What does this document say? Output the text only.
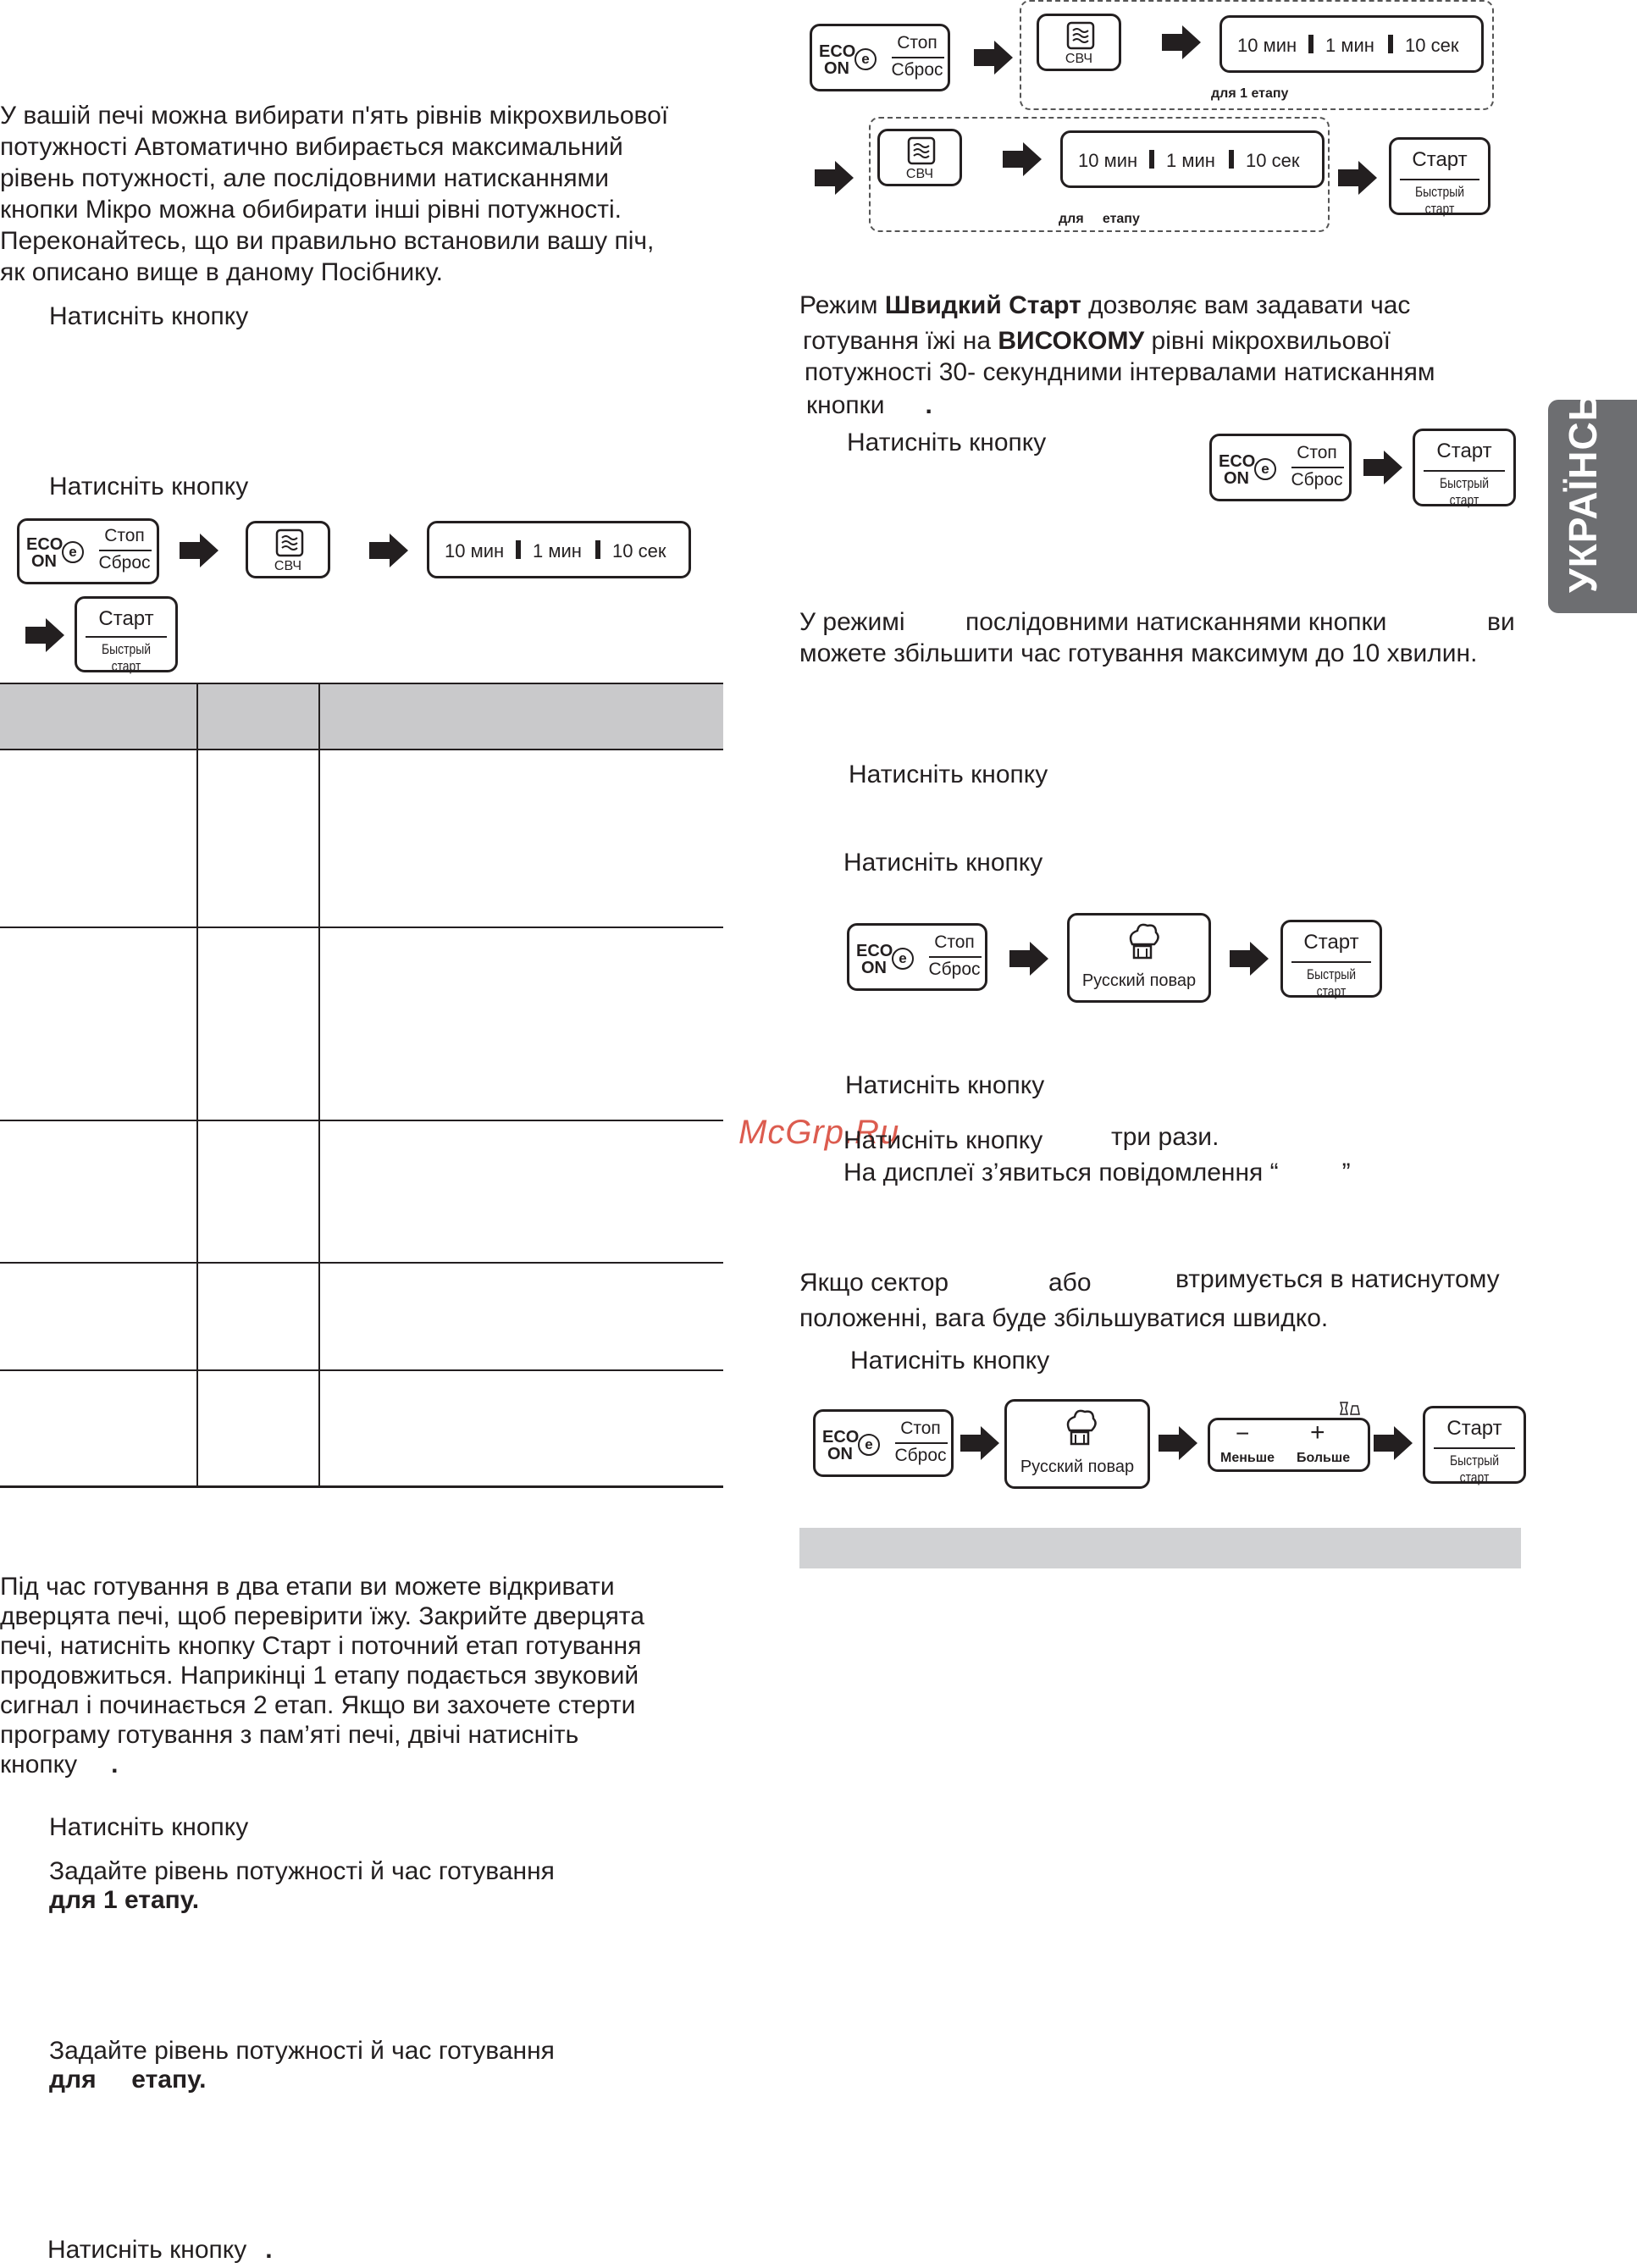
УКРАЇНСЬКА
McGrp.Ru
У вашій печі можна вибирати п'ять рівнів мікрохвильової
потужності Автоматично вибирається максимальний
рівень потужності, але послідовними натисканнями
кнопки Мікро можна обибирати інші рівні потужності.
Переконайтесь, що ви правильно встановили вашу піч,
як описано вище в даному Посібнику.
Натисніть кнопку
Натисніть кнопку
ECO
ON
e
Стоп
Сброс	СВЧ
10 мин 1 мин 10 сек
Старт
Быстрый старт
Під час готування в два етапи ви можете відкривати
дверцята печі, щоб перевірити їжу. Закрийте дверцята
печі, натисніть кнопку Старт і поточний етап готування
продовжиться. Наприкінці 1 етапу подається звуковий
сигнал і починається 2 етап. Якщо ви захочете стерти
програму готування з пам’яті печі, двічі натисніть
кнопку .
Натисніть кнопку
Задайте рівень потужності й час готування
для 1 етапу.
Задайте рівень потужності й час готування
для     етапу.
Натисніть кнопку .
ECO
ON
e
Стоп
Сброс
СВЧ
10 мин 1 мин 10 сек
для 1 етапу
СВЧ
10 мин 1 мин 10 сек
для     етапу
Старт
Быстрый старт
Режим Швидкий Старт дозволяє вам задавати час
готування їжі на ВИСОКОМУ рівні мікрохвильової
потужності 30- секундними інтервалами натисканням
кнопки .
Натисніть кнопку
ECO
ON
e
Стоп
Сброс
Старт
Быстрый старт
У режимі послідовними натисканнями кнопки	ви
можете збільшити час готування максимум до 10 хвилин.
Натисніть кнопку
Натисніть кнопку
ECO
ON
e
Стоп
Сброс
Русский повар
Старт
Быстрый старт
Натисніть кнопку
Натисніть кнопку	три рази.
На дисплеї з’явиться повідомлення “         ”
Якщо сектор	або	втримується в натиснутому
положенні, вага буде збільшуватися швидко.
Натисніть кнопку
ECO
ON
e
Стоп
Сброс
Русский повар
− +
Меньше Больше
Старт
Быстрый старт
